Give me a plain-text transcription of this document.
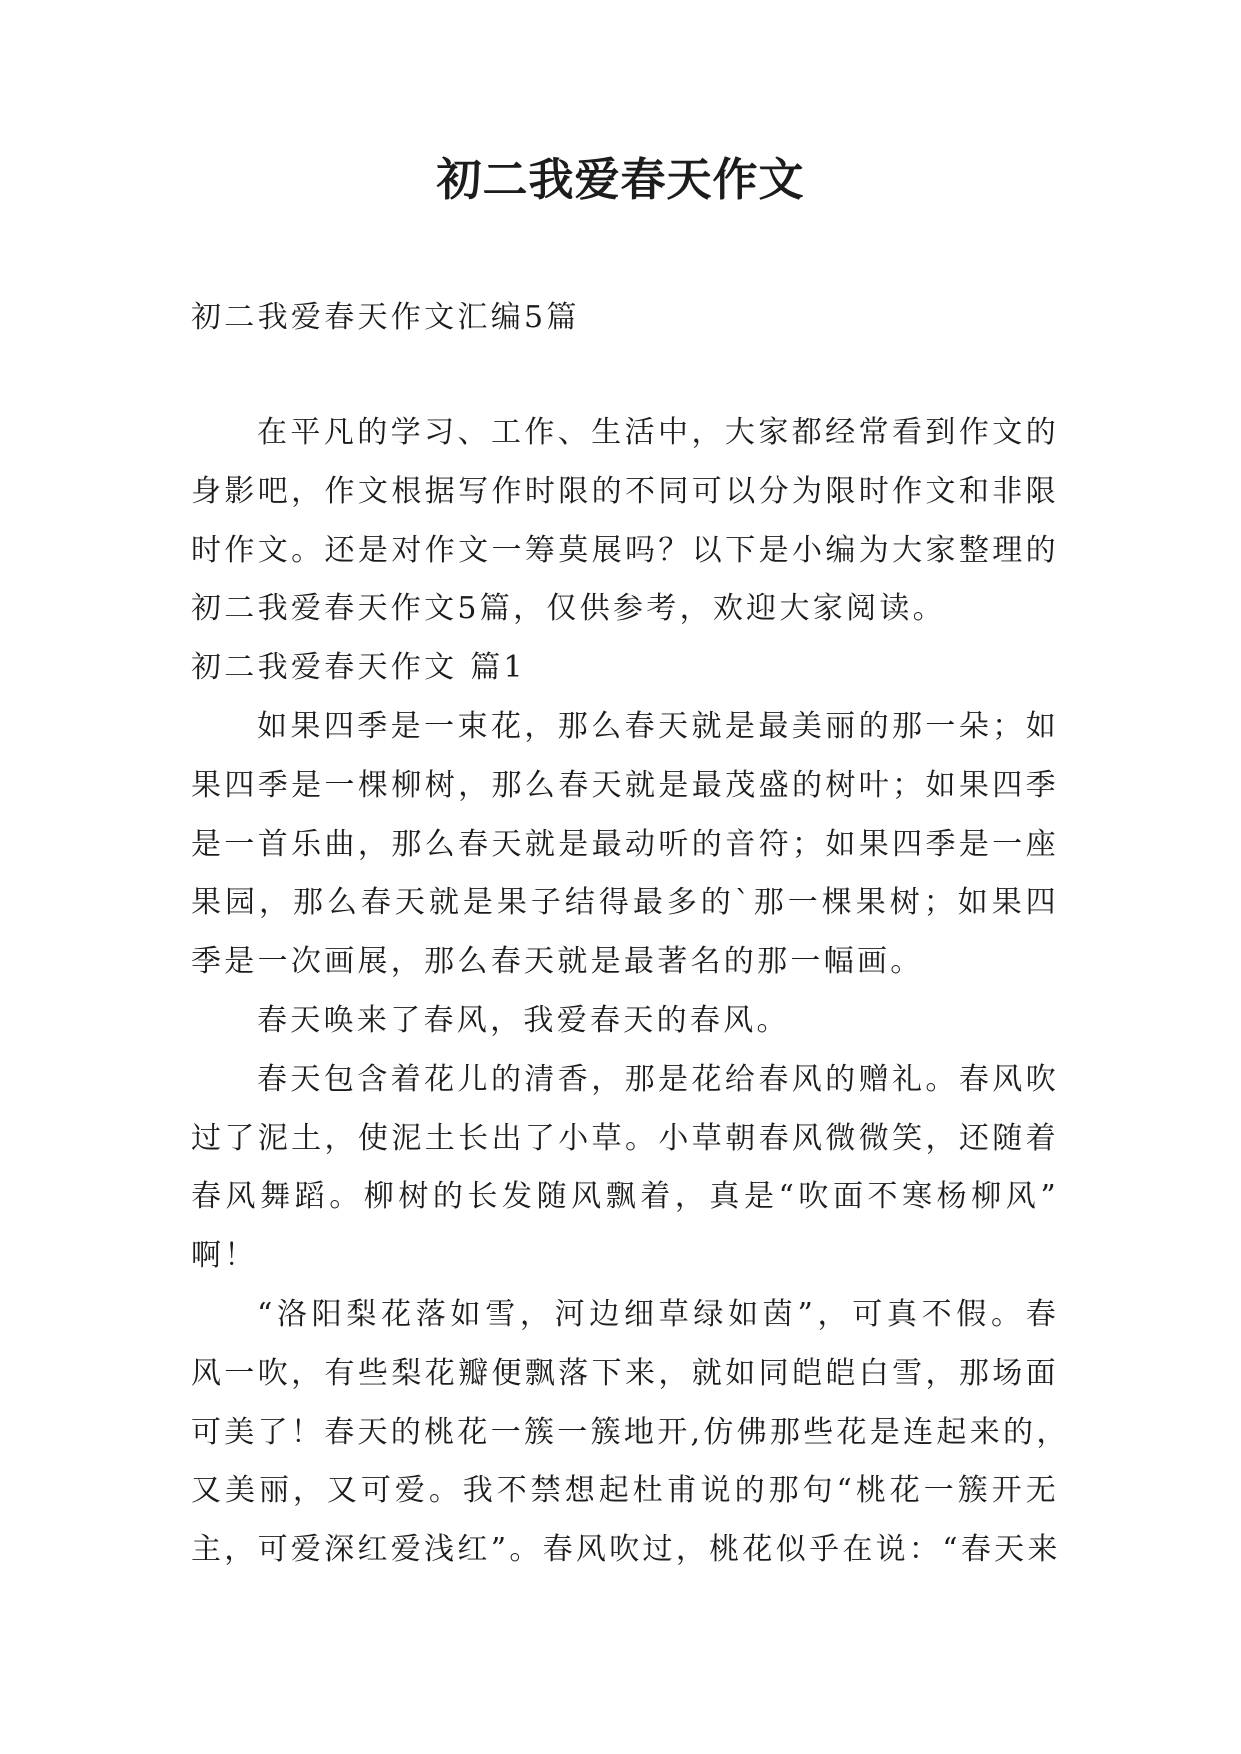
初二我爱春天作文
初二我爱春天作文汇编5篇
在平凡的学习、工作、生活中，大家都经常看到作文的
身影吧，作文根据写作时限的不同可以分为限时作文和非限
时作文。还是对作文一筹莫展吗？以下是小编为大家整理的
初二我爱春天作文5篇，仅供参考，欢迎大家阅读。
初二我爱春天作文 篇1
如果四季是一束花，那么春天就是最美丽的那一朵；如
果四季是一棵柳树，那么春天就是最茂盛的树叶；如果四季
是一首乐曲，那么春天就是最动听的音符；如果四季是一座
果园，那么春天就是果子结得最多的`那一棵果树；如果四
季是一次画展，那么春天就是最著名的那一幅画。
春天唤来了春风，我爱春天的春风。
春天包含着花儿的清香，那是花给春风的赠礼。春风吹
过了泥土，使泥土长出了小草。小草朝春风微微笑，还随着
春风舞蹈。柳树的长发随风飘着，真是“吹面不寒杨柳风”
啊！
“洛阳梨花落如雪，河边细草绿如茵”，可真不假。春
风一吹，有些梨花瓣便飘落下来，就如同皑皑白雪，那场面
可美了！春天的桃花一簇一簇地开,仿佛那些花是连起来的，
又美丽，又可爱。我不禁想起杜甫说的那句“桃花一簇开无
主，可爱深红爱浅红”。春风吹过，桃花似乎在说：“春天来
